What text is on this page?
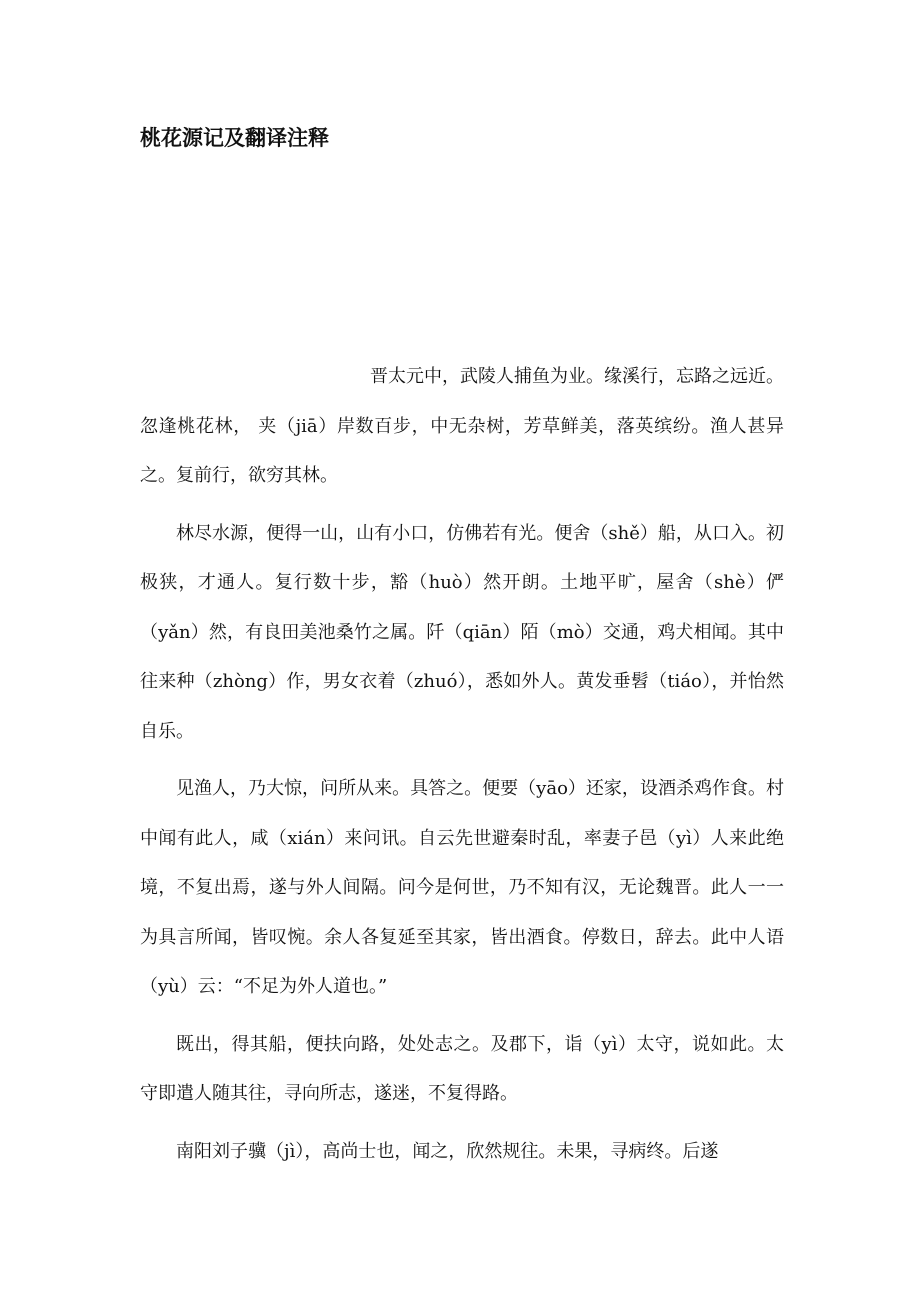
桃花源记及翻译注释

晋太元中，武陵人捕鱼为业。缘溪行，忘路之远近。忽逢桃花林， 夹（jiā）岸数百步，中无杂树，芳草鲜美，落英缤纷。渔人甚异之。复前行，欲穷其林。

林尽水源，便得一山，山有小口，仿佛若有光。便舍（shě）船，从口入。初极狭，才通人。复行数十步，豁（huò）然开朗。土地平旷，屋舍（shè）俨（yǎn）然，有良田美池桑竹之属。阡（qiān）陌（mò）交通，鸡犬相闻。其中往来种（zhòng）作，男女衣着（zhuó），悉如外人。黄发垂髫（tiáo），并怡然自乐。

见渔人，乃大惊，问所从来。具答之。便要（yāo）还家，设酒杀鸡作食。村中闻有此人，咸（xián）来问讯。自云先世避秦时乱，率妻子邑（yì）人来此绝境，不复出焉，遂与外人间隔。问今是何世，乃不知有汉，无论魏晋。此人一一为具言所闻，皆叹惋。余人各复延至其家，皆出酒食。停数日，辞去。此中人语（yù）云：“不足为外人道也。”

既出，得其船，便扶向路，处处志之。及郡下，诣（yì）太守，说如此。太守即遣人随其往，寻向所志，遂迷，不复得路。

南阳刘子骥（jì），高尚士也，闻之，欣然规往。未果，寻病终。后遂
